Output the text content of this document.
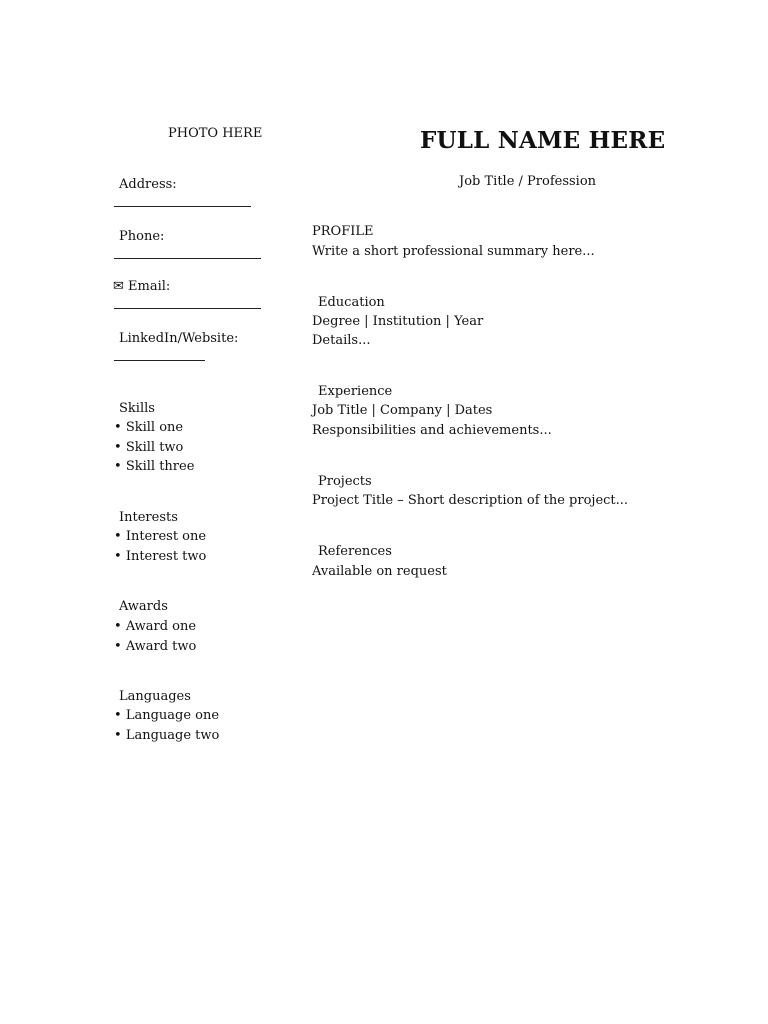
PHOTO HERE	FULL NAME HERE
Job Title / Profession
Address:
Phone:
✉ Email:
LinkedIn/Website:
Skills
• Skill one
• Skill two
• Skill three
Interests
• Interest one
• Interest two
Awards
• Award one
• Award two
Languages
• Language one
• Language two
PROFILE
Write a short professional summary here...
Education
Degree | Institution | Year
Details...
Experience
Job Title | Company | Dates
Responsibilities and achievements...
Projects
Project Title – Short description of the project...
References
Available on request
